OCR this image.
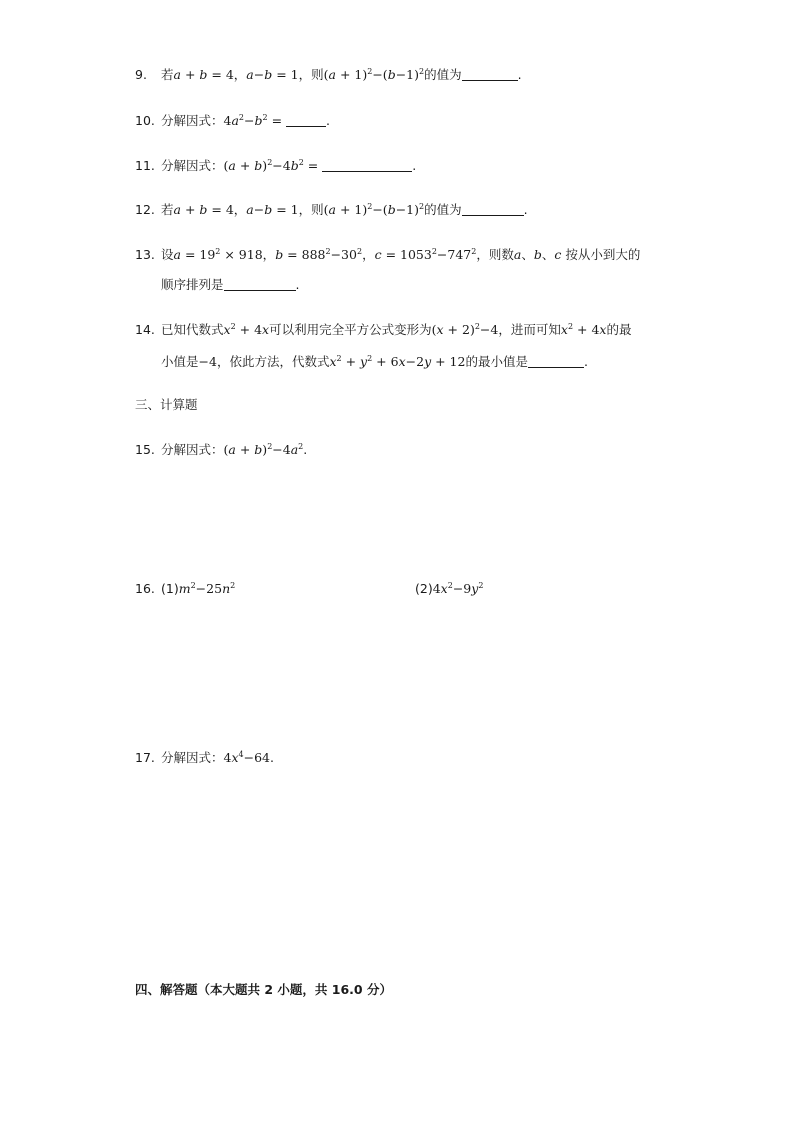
9. 若a + b = 4，a−b = 1，则$(a + 1)^2-(b-1)^2$的值为	.
10. 分解因式：$4a^2-b^2$ =	.
11. 分解因式：$(a + b)^2-4b^2$ =	.
12. 若a + b = 4，a−b = 1，则$(a + 1)^2-(b-1)^2$的值为	.
13. 设$a = 19^2 \times 918$，$b = 888^2-30^2$，$c = 1053^2-747^2$，则数a、b、c 按从小到大的
顺序排列是	.
14. 已知代数式$x^2 + 4x$可以利用完全平方公式变形为$(x + 2)^2-4$，进而可知$x^2 + 4x$的最
小值是−4，依此方法，代数式$x^2 + y^2 + 6x-2y + 12$的最小值是	.
三、计算题
15. 分解因式：$(a + b)^2-4a^2$.
16. $(1)m^2-25n^2$	$(2)4x^2-9y^2$
17. 分解因式：$4x^4-64$.
四、解答题（本大题共 2 小题，共 16.0 分）
